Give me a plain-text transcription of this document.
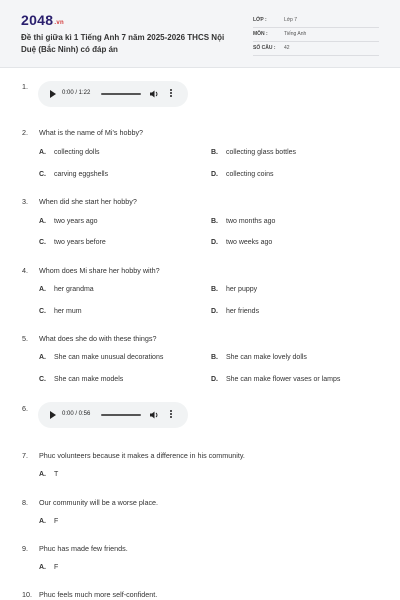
2048.vn
Đề thi giữa kì 1 Tiếng Anh 7 năm 2025-2026 THCS Nội Duệ (Bắc Ninh) có đáp án
LỚP :	Lớp 7
MÔN :	Tiếng Anh
SỐ CÂU : 42
1.
0:00 / 1:22
2. What is the name of Mi's hobby?
A. collecting dolls	B. collecting glass bottles
C. carving eggshells	D. collecting coins
3. When did she start her hobby?
A. two years ago	B. two months ago
C. two years before	D. two weeks ago
4. Whom does Mi share her hobby with?
A. her grandma	B. her puppy
C. her mum	D. her friends
5. What does she do with these things?
A. She can make unusual decorations	B. She can make lovely dolls
C. She can make models	D. She can make flower vases or lamps
6.
0:00 / 0:56
7. Phuc volunteers because it makes a difference in his community.
A. T
8. Our community will be a worse place.
A. F
9. Phuc has made few friends.
A. F
10. Phuc feels much more self-confident.
